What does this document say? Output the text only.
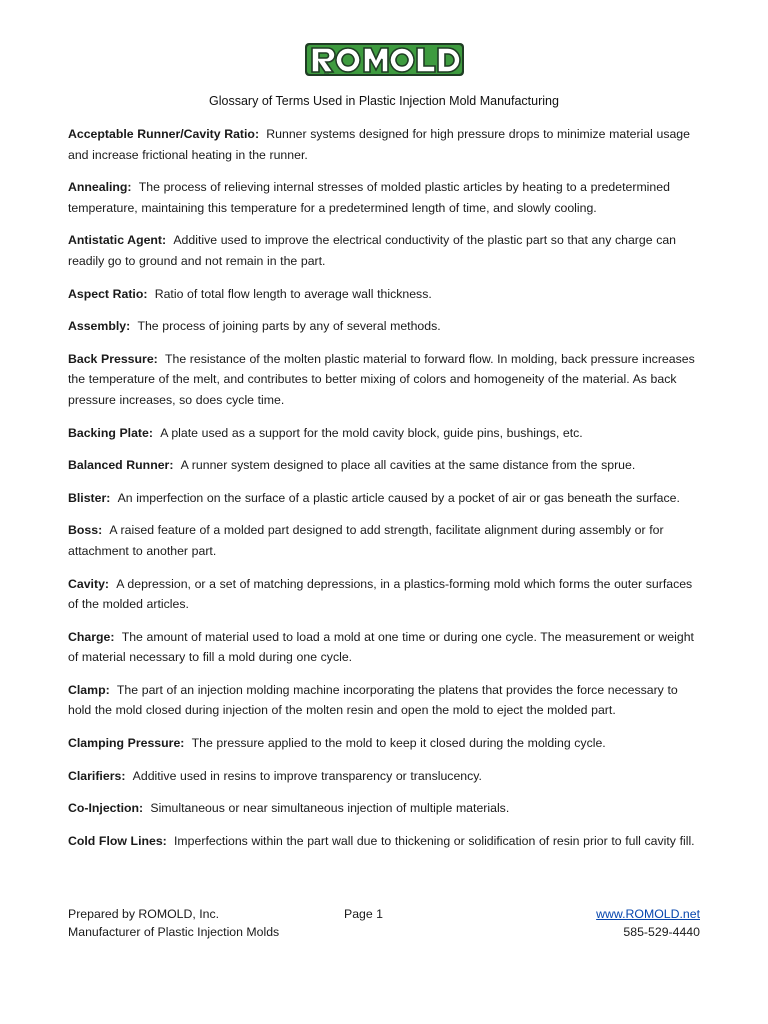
INC
Glossary of Terms Used in Plastic Injection Mold Manufacturing

Acceptable Runner/Cavity Ratio: Runner systems designed for high pressure drops to minimize material usage and increase frictional heating in the runner.

Annealing: The process of relieving internal stresses of molded plastic articles by heating to a predetermined temperature, maintaining this temperature for a predetermined length of time, and slowly cooling.

Antistatic Agent: Additive used to improve the electrical conductivity of the plastic part so that any charge can readily go to ground and not remain in the part.

Aspect Ratio: Ratio of total flow length to average wall thickness.

Assembly: The process of joining parts by any of several methods.

Back Pressure: The resistance of the molten plastic material to forward flow. In molding, back pressure increases the temperature of the melt, and contributes to better mixing of colors and homogeneity of the material. As back pressure increases, so does cycle time.

Backing Plate: A plate used as a support for the mold cavity block, guide pins, bushings, etc.

Balanced Runner: A runner system designed to place all cavities at the same distance from the sprue.

Blister: An imperfection on the surface of a plastic article caused by a pocket of air or gas beneath the surface.

Boss: A raised feature of a molded part designed to add strength, facilitate alignment during assembly or for attachment to another part.

Cavity: A depression, or a set of matching depressions, in a plastics-forming mold which forms the outer surfaces of the molded articles.

Charge: The amount of material used to load a mold at one time or during one cycle. The measurement or weight of material necessary to fill a mold during one cycle.

Clamp: The part of an injection molding machine incorporating the platens that provides the force necessary to hold the mold closed during injection of the molten resin and open the mold to eject the molded part.

Clamping Pressure: The pressure applied to the mold to keep it closed during the molding cycle.

Clarifiers: Additive used in resins to improve transparency or translucency.

Co-Injection: Simultaneous or near simultaneous injection of multiple materials.

Cold Flow Lines: Imperfections within the part wall due to thickening or solidification of resin prior to full cavity fill.

Prepared by ROMOLD, Inc.
Manufacturer of Plastic Injection Molds
Page 1	www.ROMOLD.net
585-529-4440
